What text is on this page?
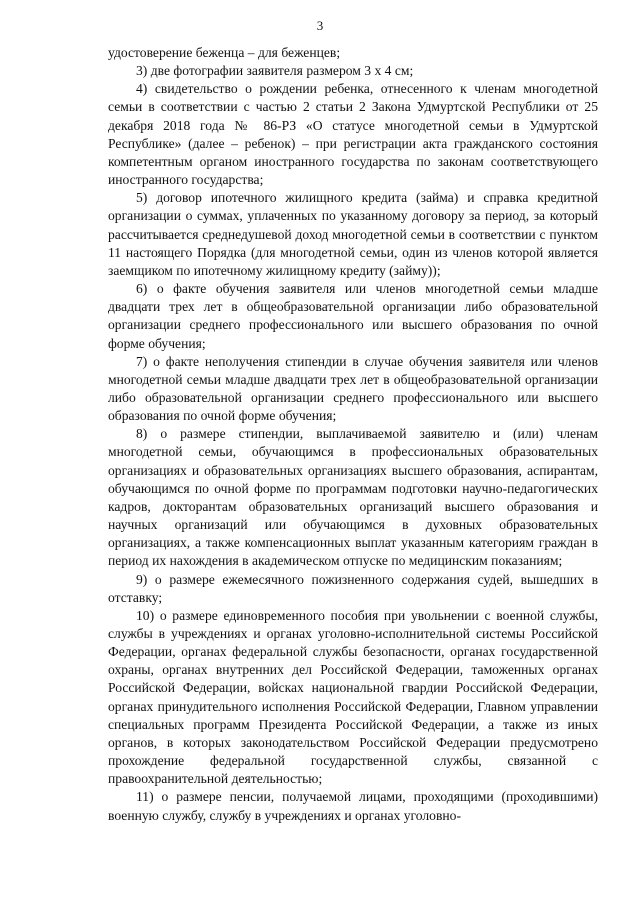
3

удостоверение беженца – для беженцев;

3) две фотографии заявителя размером 3 х 4 см;

4) свидетельство о рождении ребенка, отнесенного к членам многодетной семьи в соответствии с частью 2 статьи 2 Закона Удмуртской Республики от 25 декабря 2018 года № 86-РЗ «О статусе многодетной семьи в Удмуртской Республике» (далее – ребенок) – при регистрации акта гражданского состояния компетентным органом иностранного государства по законам соответствующего иностранного государства;

5) договор ипотечного жилищного кредита (займа) и справка кредитной организации о суммах, уплаченных по указанному договору за период, за который рассчитывается среднедушевой доход многодетной семьи в соответствии с пунктом 11 настоящего Порядка (для многодетной семьи, один из членов которой является заемщиком по ипотечному жилищному кредиту (займу));

6) о факте обучения заявителя или членов многодетной семьи младше двадцати трех лет в общеобразовательной организации либо образовательной организации среднего профессионального или высшего образования по очной форме обучения;

7) о факте неполучения стипендии в случае обучения заявителя или членов многодетной семьи младше двадцати трех лет в общеобразовательной организации либо образовательной организации среднего профессионального или высшего образования по очной форме обучения;

8) о размере стипендии, выплачиваемой заявителю и (или) членам многодетной семьи, обучающимся в профессиональных образовательных организациях и образовательных организациях высшего образования, аспирантам, обучающимся по очной форме по программам подготовки научно-педагогических кадров, докторантам образовательных организаций высшего образования и научных организаций или обучающимся в духовных образовательных организациях, а также компенсационных выплат указанным категориям граждан в период их нахождения в академическом отпуске по медицинским показаниям;

9) о размере ежемесячного пожизненного содержания судей, вышедших в отставку;

10) о размере единовременного пособия при увольнении с военной службы, службы в учреждениях и органах уголовно-исполнительной системы Российской Федерации, органах федеральной службы безопасности, органах государственной охраны, органах внутренних дел Российской Федерации, таможенных органах Российской Федерации, войсках национальной гвардии Российской Федерации, органах принудительного исполнения Российской Федерации, Главном управлении специальных программ Президента Российской Федерации, а также из иных органов, в которых законодательством Российской Федерации предусмотрено прохождение федеральной государственной службы, связанной с правоохранительной деятельностью;

11) о размере пенсии, получаемой лицами, проходящими (проходившими) военную службу, службу в учреждениях и органах уголовно-
